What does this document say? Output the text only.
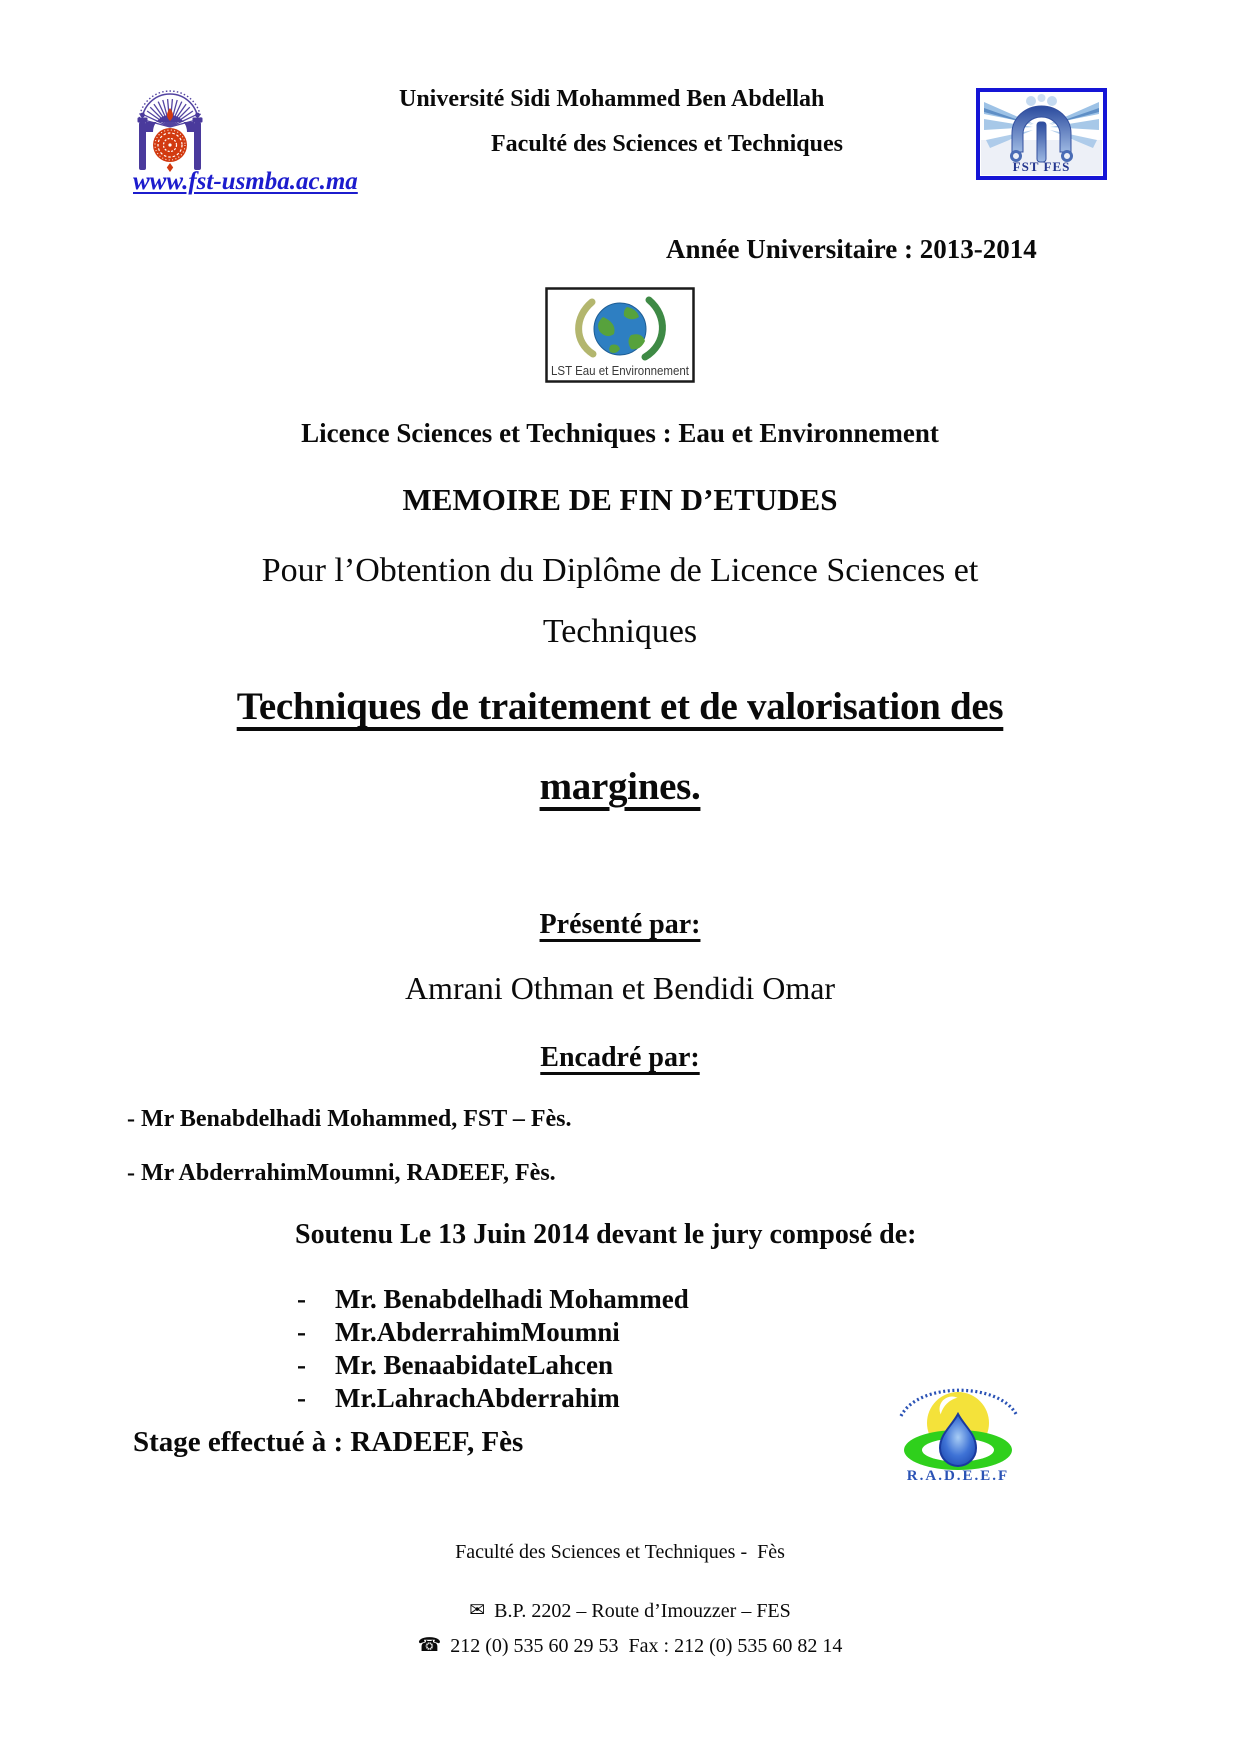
www.fst-usmba.ac.ma
Université Sidi Mohammed Ben Abdellah
Faculté des Sciences et Techniques
FST FES
Année Universitaire : 2013-2014
LST Eau et Environnement
Licence Sciences et Techniques : Eau et Environnement
MEMOIRE DE FIN D’ETUDES
Pour l’Obtention du Diplôme de Licence Sciences et
Techniques
Techniques de traitement et de valorisation des
margines.
Présenté par:
Amrani Othman et Bendidi Omar
Encadré par:
- Mr Benabdelhadi Mohammed, FST – Fès.
- Mr AbderrahimMoumni, RADEEF, Fès.
Soutenu Le 13 Juin 2014 devant le jury composé de:
-	Mr. Benabdelhadi Mohammed
-	Mr.AbderrahimMoumni
-	Mr. BenaabidateLahcen
-	Mr.LahrachAbderrahim
Stage effectué à : RADEEF, Fès
R.A.D.E.E.F
Faculté des Sciences et Techniques -  Fès

✉ B.P. 2202 – Route d’Imouzzer – FES

☎ 212 (0) 535 60 29 53  Fax : 212 (0) 535 60 82 14
